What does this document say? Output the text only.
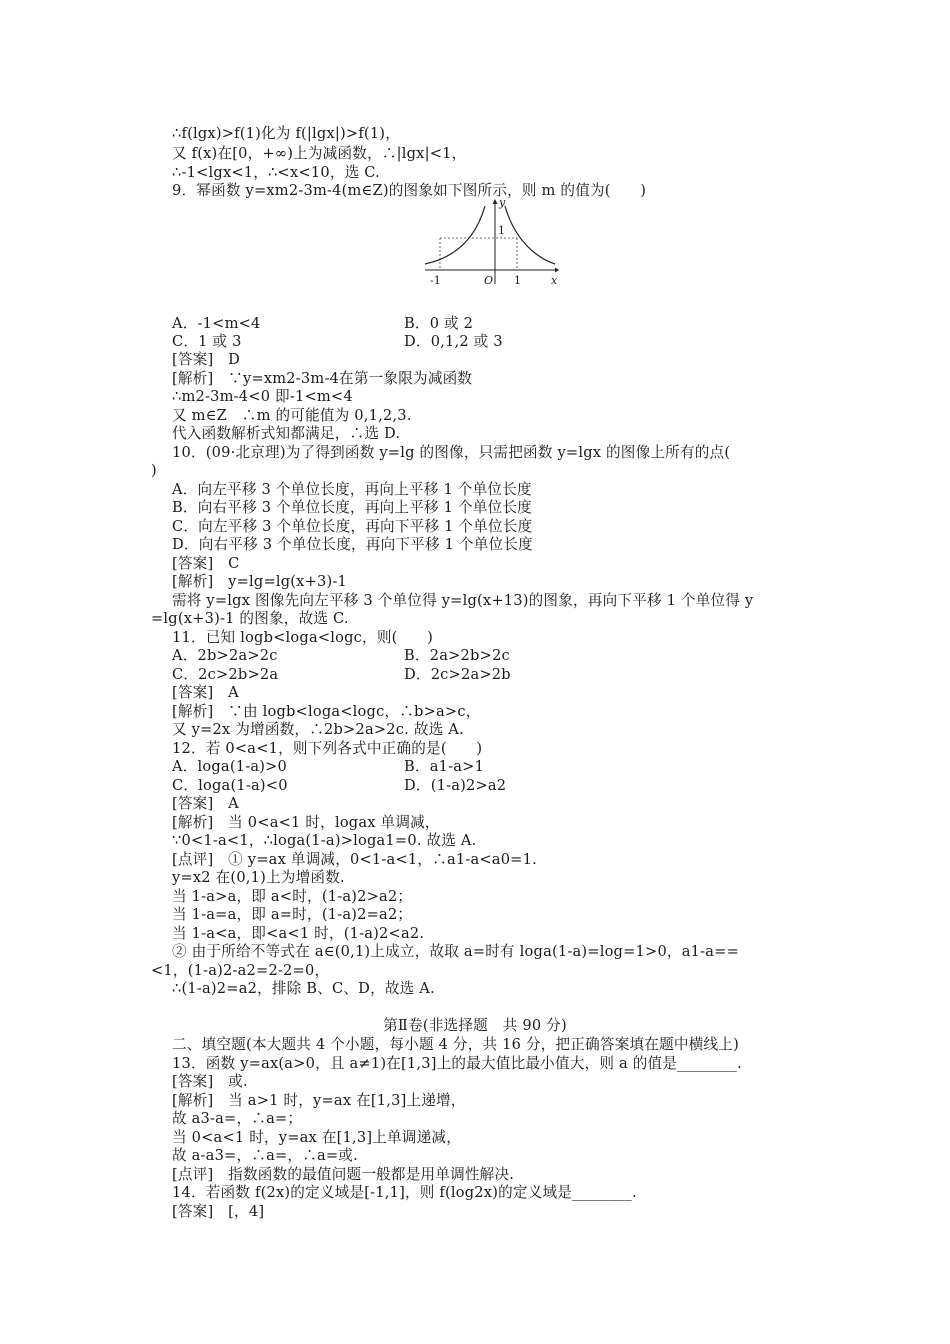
∴f(lgx)>f(1)化为 f(|lgx|)>f(1)，
又 f(x)在[0，+∞)上为减函数，∴|lgx|<1，
∴-1<lgx<1，∴<x<10，选 C.
9．幂函数 y=xm2-3m-4(m∈Z)的图象如下图所示，则 m 的值为(　　)
A．-1<m<4	B．0 或 2
C．1 或 3	D．0,1,2 或 3
[答案]　D
[解析]　∵y=xm2-3m-4在第一象限为减函数
∴m2-3m-4<0 即-1<m<4
又 m∈Z　∴m 的可能值为 0,1,2,3.
代入函数解析式知都满足，∴选 D.
10．(09·北京理)为了得到函数 y=lg 的图像，只需把函数 y=lgx 的图像上所有的点(
)
A．向左平移 3 个单位长度，再向上平移 1 个单位长度
B．向右平移 3 个单位长度，再向上平移 1 个单位长度
C．向左平移 3 个单位长度，再向下平移 1 个单位长度
D．向右平移 3 个单位长度，再向下平移 1 个单位长度
[答案]　C
[解析]　y=lg=lg(x+3)-1
需将 y=lgx 图像先向左平移 3 个单位得 y=lg(x+13)的图象，再向下平移 1 个单位得 y
=lg(x+3)-1 的图象，故选 C.
11．已知 logb<loga<logc，则(　　)
A．2b>2a>2c	B．2a>2b>2c
C．2c>2b>2a	D．2c>2a>2b
[答案]　A
[解析]　∵由 logb<loga<logc，∴b>a>c，
又 y=2x 为增函数，∴2b>2a>2c. 故选 A.
12．若 0<a<1，则下列各式中正确的是(　　)
A．loga(1-a)>0	B．a1-a>1
C．loga(1-a)<0	D．(1-a)2>a2
[答案]　A
[解析]　当 0<a<1 时，logax 单调减，
∵0<1-a<1，∴loga(1-a)>loga1=0. 故选 A.
[点评]　① y=ax 单调减，0<1-a<1，∴a1-a<a0=1.
y=x2 在(0,1)上为增函数.
当 1-a>a，即 a<时，(1-a)2>a2；
当 1-a=a，即 a=时，(1-a)2=a2；
当 1-a<a，即<a<1 时，(1-a)2<a2.
② 由于所给不等式在 a∈(0,1)上成立，故取 a=时有 loga(1-a)=log=1>0，a1-a==
<1，(1-a)2-a2=2-2=0，
∴(1-a)2=a2，排除 B、C、D，故选 A.
二、填空题(本大题共 4 个小题，每小题 4 分，共 16 分，把正确答案填在题中横线上)
13．函数 y=ax(a>0，且 a≠1)在[1,3]上的最大值比最小值大，则 a 的值是________.
[答案]　或.
[解析]　当 a>1 时，y=ax 在[1,3]上递增，
故 a3-a=，∴a=；
当 0<a<1 时，y=ax 在[1,3]上单调递减，
故 a-a3=，∴a=，∴a=或.
[点评]　指数函数的最值问题一般都是用单调性解决.
14．若函数 f(2x)的定义域是[-1,1]，则 f(log2x)的定义域是________.
[答案]　[，4]
第Ⅱ卷(非选择题　共 90 分)
y
x
O
1
-1	1
